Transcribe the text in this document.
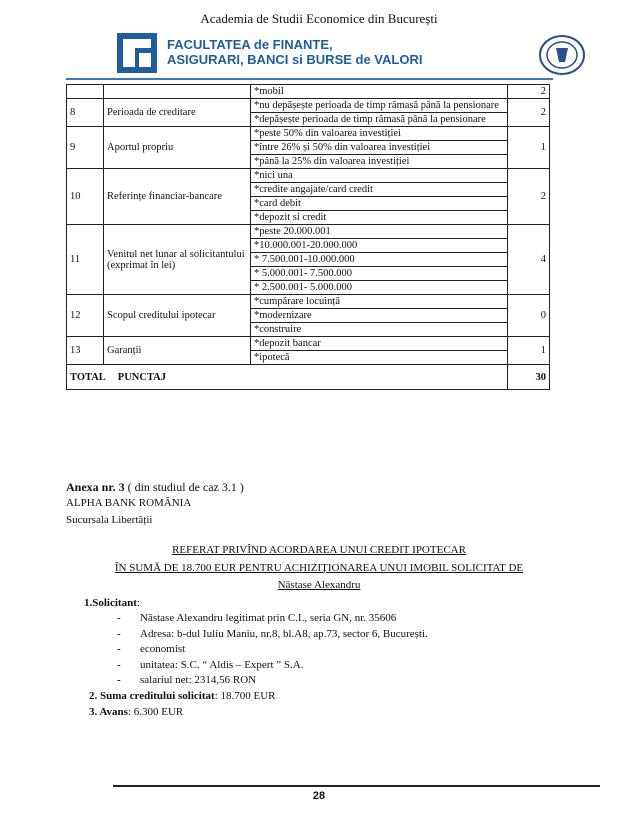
Academia de Studii Economice din București
FACULTATEA de FINANTE,
ASIGURARI, BANCI si BURSE de VALORI
		*mobil	2
8	Perioada de creditare	*nu depășește perioada de timp rămasă până la pensionare	2
		*depășește perioada de timp rămasă până la pensionare	
9	Aportul propriu	*peste 50% din valoarea investiției	1
		*între 26% și 50% din valoarea investiției	
		*până la 25% din valoarea investiției	
10	Referințe financiar-bancare	*nici una	2
		*credite angajate/card credit	
		*card debit	
		*depozit si credit	
11	Venitul net lunar al solicitantului (exprimat în lei)	*peste 20.000.001	4
		*10.000.001-20.000.000	
		* 7.500.001-10.000.000	
		* 5.000.001- 7.500.000	
		* 2.500.001- 5.000.000	
12	Scopul creditului ipotecar	*cumpărare locuință	0
		*modernizare	
		*construire	
13	Garanții	*depozit bancar	1
		*ipotecă	
TOTAL PUNCTAJ			30
Anexa nr. 3 ( din studiul de caz 3.1 )
ALPHA BANK ROMÂNIA
Sucursala Libertății
REFERAT PRIVÎND ACORDAREA UNUI CREDIT IPOTECAR
ÎN SUMĂ DE 18.700 EUR PENTRU ACHIZIȚIONAREA UNUI IMOBIL SOLICITAT DE
Năstase Alexandru
1.Solicitant:
- Năstase Alexandru legitimat prin C.I., seria GN, nr. 35606
- Adresa: b-dul Iuliu Maniu, nr.8, bl.A8, ap.73, sector 6, București.
- economist
- unitatea: S.C. “ Aldis – Expert ” S.A.
- salariul net: 2314,56 RON
2. Suma creditului solicitat: 18.700 EUR
3. Avans: 6.300 EUR
28
